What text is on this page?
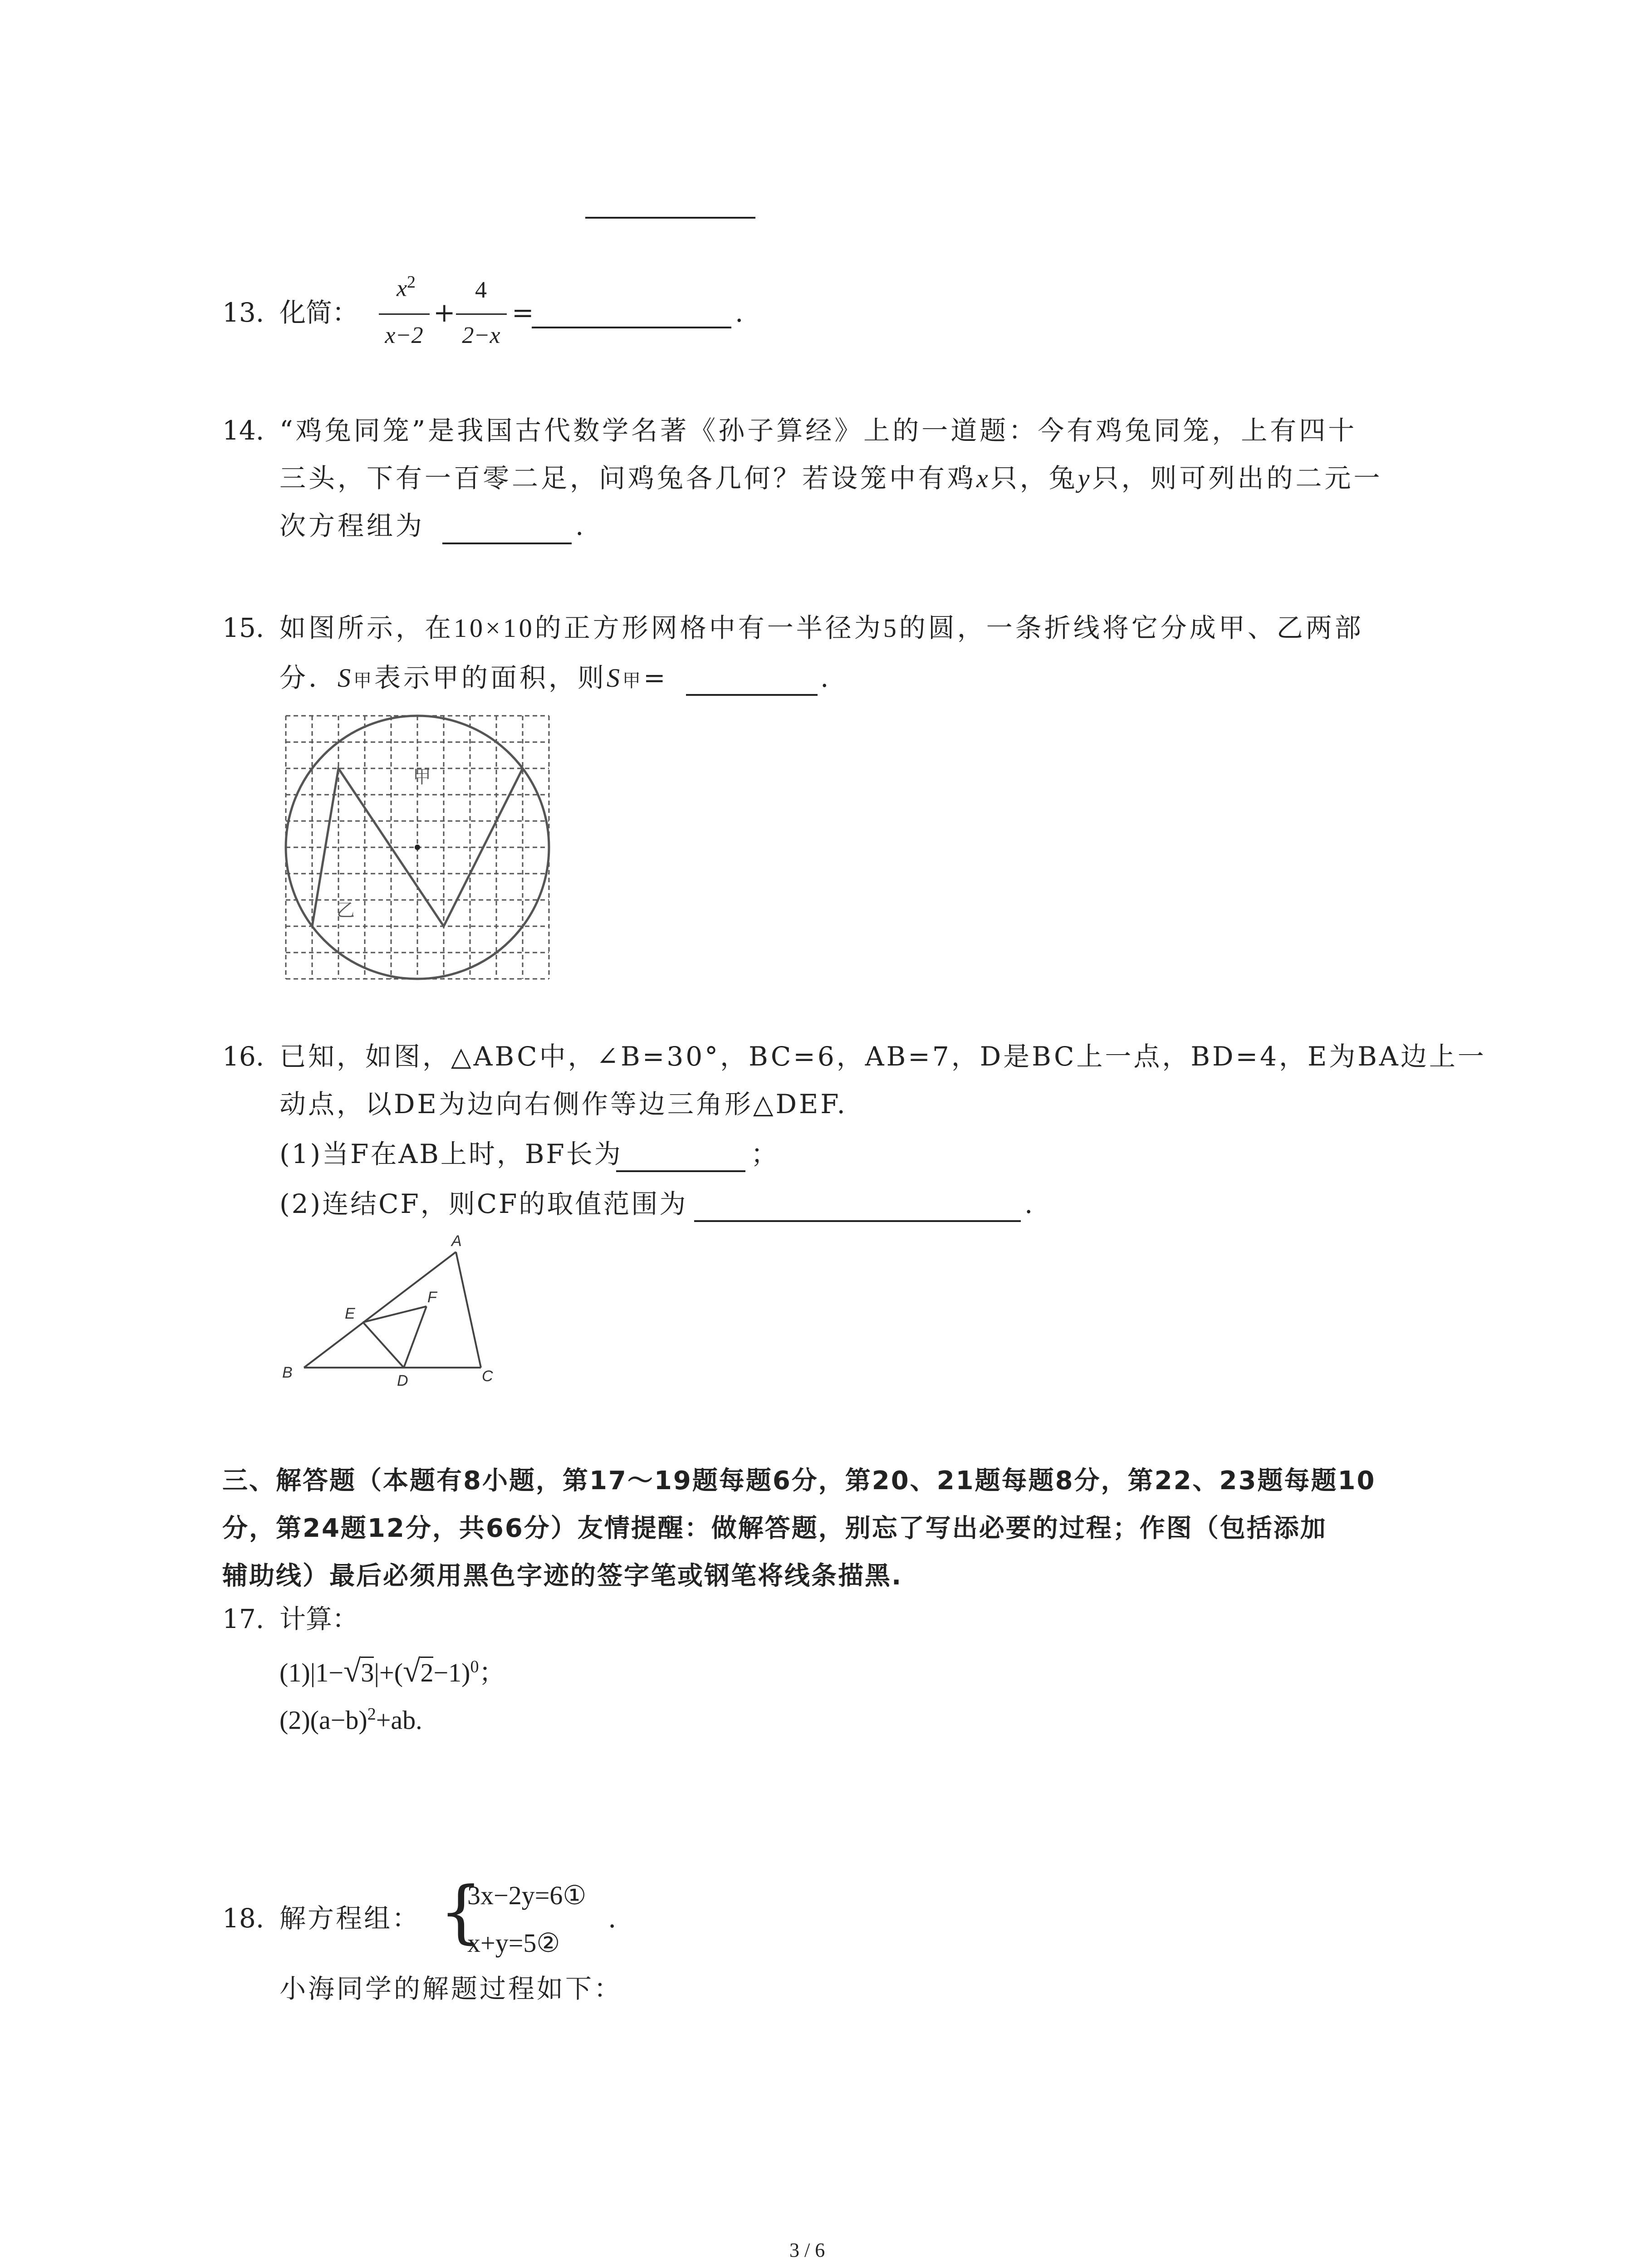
13. 化简：
$x^2$
x−2
+
4
2−x
=	.
14. “鸡兔同笼”是我国古代数学名著《孙子算经》上的一道题：今有鸡兔同笼，上有四十
三头，下有一百零二足，问鸡兔各几何？若设笼中有鸡x只，兔y只，则可列出的二元一
次方程组为	.
15. 如图所示，在10×10的正方形网格中有一半径为5的圆，一条折线将它分成甲、乙两部
分．S甲表示甲的面积，则S甲=	.
甲
乙
16. 已知，如图，△ABC中，∠B=30°，BC=6，AB=7，D是BC上一点，BD=4，E为BA边上一
动点，以DE为边向右侧作等边三角形△DEF.
(1)当F在AB上时，BF长为	；
(2)连结CF，则CF的取值范围为	.
A
B	C
D
E
F
三、解答题（本题有8小题，第17～19题每题6分，第20、21题每题8分，第22、23题每题10
分，第24题12分，共66分）友情提醒：做解答题，别忘了写出必要的过程；作图（包括添加
辅助线）最后必须用黑色字迹的签字笔或钢笔将线条描黑.
17. 计算：
$(1)|1-√3|+(√2-1)^0$；
$(2)(a-b)^2+ab$.
18. 解方程组： {
3x−2y=6①
x+y=5②
.
小海同学的解题过程如下：
3 / 6
